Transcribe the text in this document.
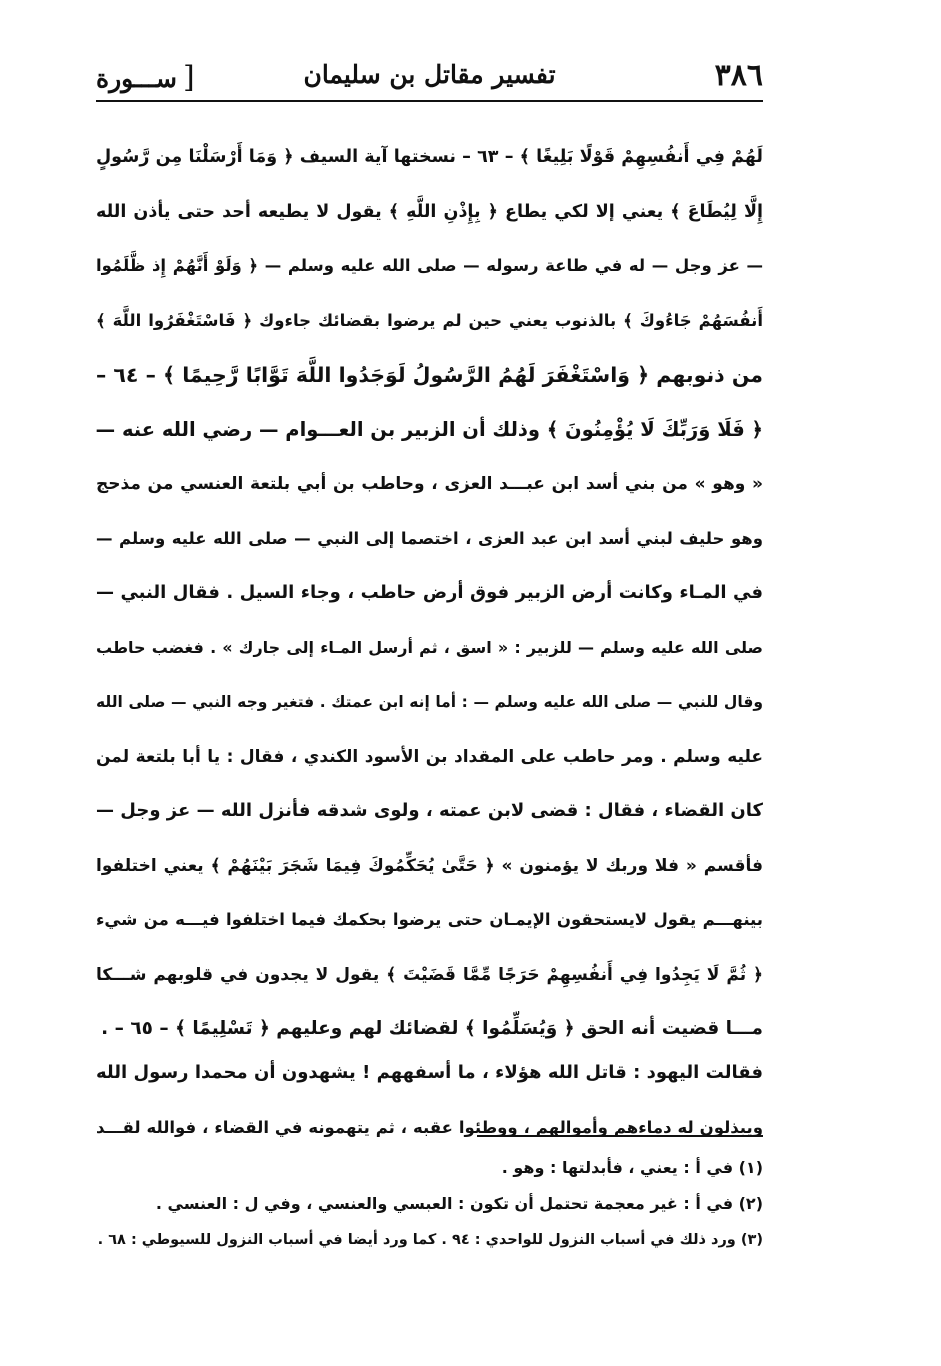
٣٨٦
تفسير مقاتل بن سليمان
[ســـورة
لَهُمْ فِي أَنفُسِهِمْ قَوْلًا بَلِيغًا ﴾ – ٦٣ – نسختها آية السيف ﴿ وَمَا أَرْسَلْنَا مِن رَّسُولٍ
إِلَّا لِيُطَاعَ ﴾ يعني إلا لكي يطاع ﴿ بِإِذْنِ اللَّهِ ﴾ يقول لا يطيعه أحد حتى يأذن الله
— عز وجل — له في طاعة رسوله — صلى الله عليه وسلم — ﴿ وَلَوْ أَنَّهُمْ إِذ ظَّلَمُوا
أَنفُسَهُمْ جَاءُوكَ ﴾ بالذنوب يعني حين لم يرضوا بقضائك جاءوك ﴿ فَاسْتَغْفَرُوا اللَّهَ ﴾
من ذنوبهم ﴿ وَاسْتَغْفَرَ لَهُمُ الرَّسُولُ لَوَجَدُوا اللَّهَ تَوَّابًا رَّحِيمًا ﴾ – ٦٤ –
﴿ فَلَا وَرَبِّكَ لَا يُؤْمِنُونَ ﴾ وذلك أن الزبير بن العـــوام — رضي الله عنه —
« وهو » من بني أسد ابن عبـــد العزى ، وحاطب بن أبي بلتعة العنسي من مذحج
وهو حليف لبني أسد ابن عبد العزى ، اختصما إلى النبي — صلى الله عليه وسلم —
في المـاء وكانت أرض الزبير فوق أرض حاطب ، وجاء السيل . فقال النبي —
صلى الله عليه وسلم — للزبير : « اسق ، ثم أرسل المـاء إلى جارك » . فغضب حاطب
وقال للنبي — صلى الله عليه وسلم — : أما إنه ابن عمتك . فتغير وجه النبي — صلى الله
عليه وسلم . ومر حاطب على المقداد بن الأسود الكندي ، فقال : يا أبا بلتعة لمن
كان القضاء ، فقال : قضى لابن عمته ، ولوى شدقه فأنزل الله — عز وجل —
فأقسم « فلا وربك لا يؤمنون » ﴿ حَتَّىٰ يُحَكِّمُوكَ فِيمَا شَجَرَ بَيْنَهُمْ ﴾ يعني اختلفوا
بينهـــم يقول لايستحقون الإيمـان حتى يرضوا بحكمك فيما اختلفوا فيـــه من شيء
﴿ ثُمَّ لَا يَجِدُوا فِي أَنفُسِهِمْ حَرَجًا مِّمَّا قَضَيْتَ ﴾ يقول لا يجدون في قلوبهم شـــكا
مـــا قضيت أنه الحق ﴿ وَيُسَلِّمُوا ﴾ لقضائك لهم وعليهم ﴿ تَسْلِيمًا ﴾ – ٦٥ – .
فقالت اليهود : قاتل الله هؤلاء ، ما أسفههم ! يشهدون أن محمدا رسول الله
ويبذلون له دماءهم وأموالهم ، ووطئوا عقبه ، ثم يتهمونه في القضاء ، فوالله لقـــد
(١) في أ : يعني ، فأبدلتها : وهو .
(٢) في أ : غير معجمة تحتمل أن تكون : العبسي والعنسي ، وفي ل : العنسي .
(٣) ورد ذلك في أسباب النزول للواحدي : ٩٤ . كما ورد أيضا في أسباب النزول للسيوطي : ٦٨ .
